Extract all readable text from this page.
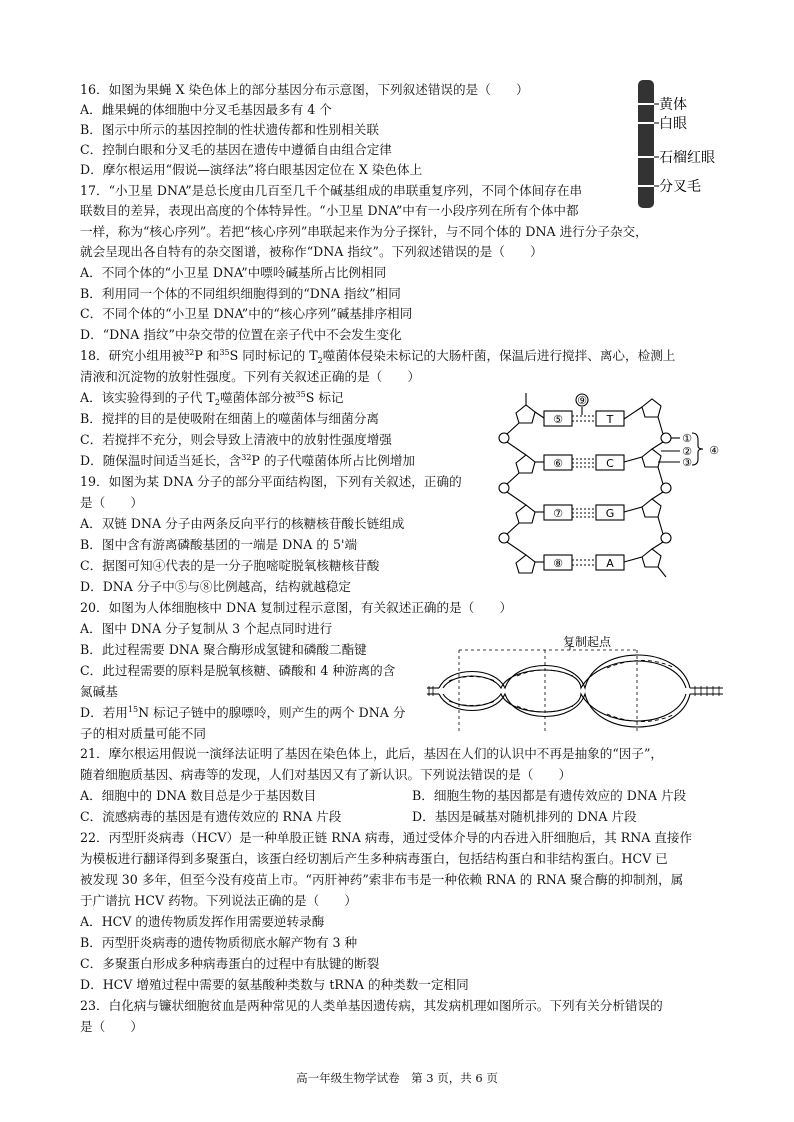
16．如图为果蝇 X 染色体上的部分基因分布示意图，下列叙述错误的是（　　）
A．雌果蝇的体细胞中分叉毛基因最多有 4 个
B．图示中所示的基因控制的性状遗传都和性别相关联
C．控制白眼和分叉毛的基因在遗传中遵循自由组合定律
D．摩尔根运用“假说—演绎法”将白眼基因定位在 X 染色体上
黄体
白眼
石榴红眼
分叉毛
17．“小卫星 DNA”是总长度由几百至几千个碱基组成的串联重复序列，不同个体间存在串
联数目的差异，表现出高度的个体特异性。“小卫星 DNA”中有一小段序列在所有个体中都
一样，称为“核心序列”。若把“核心序列”串联起来作为分子探针，与不同个体的 DNA 进行分子杂交，
就会呈现出各自特有的杂交图谱，被称作“DNA 指纹”。下列叙述错误的是（　　）
A．不同个体的“小卫星 DNA”中嘌呤碱基所占比例相同
B．利用同一个体的不同组织细胞得到的“DNA 指纹”相同
C．不同个体的“小卫星 DNA”中的“核心序列”碱基排序相同
D．“DNA 指纹”中杂交带的位置在亲子代中不会发生变化
18．研究小组用被$^{32}$P 和$^{35}$S 同时标记的 $T_2$噬菌体侵染未标记的大肠杆菌，保温后进行搅拌、离心，检测上
清液和沉淀物的放射性强度。下列有关叙述正确的是（　　）
A．该实验得到的子代 $T_2$噬菌体部分被$^{35}$S 标记
B．搅拌的目的是使吸附在细菌上的噬菌体与细菌分离
C．若搅拌不充分，则会导致上清液中的放射性强度增强
D．随保温时间适当延长，含$^{32}$P 的子代噬菌体所占比例增加
19．如图为某 DNA 分子的部分平面结构图，下列有关叙述，正确的
是（　　）
A．双链 DNA 分子由两条反向平行的核糖核苷酸长链组成
B．图中含有游离磷酸基团的一端是 DNA 的 5'端
C．据图可知④代表的是一分子胞嘧啶脱氧核糖核苷酸
D．DNA 分子中⑤与⑧比例越高，结构就越稳定
⑤	T
⑥	C
⑦	G
⑧	A
⑨
①
②
③
④
20．如图为人体细胞核中 DNA 复制过程示意图，有关叙述正确的是（　　）
A．图中 DNA 分子复制从 3 个起点同时进行
B．此过程需要 DNA 聚合酶形成氢键和磷酸二酯键
C．此过程需要的原料是脱氧核糖、磷酸和 4 种游离的含
氮碱基
D．若用$^{15}$N 标记子链中的腺嘌呤，则产生的两个 DNA 分
子的相对质量可能不同
复制起点
21．摩尔根运用假说一演绎法证明了基因在染色体上，此后，基因在人们的认识中不再是抽象的“因子”，
随着细胞质基因、病毒等的发现，人们对基因又有了新认识。下列说法错误的是（　　）
A．细胞中的 DNA 数目总是少于基因数目	B．细胞生物的基因都是有遗传效应的 DNA 片段
C．流感病毒的基因是有遗传效应的 RNA 片段	D．基因是碱基对随机排列的 DNA 片段
22．丙型肝炎病毒（HCV）是一种单股正链 RNA 病毒，通过受体介导的内吞进入肝细胞后，其 RNA 直接作
为模板进行翻译得到多聚蛋白，该蛋白经切割后产生多种病毒蛋白，包括结构蛋白和非结构蛋白。HCV 已
被发现 30 多年，但至今没有疫苗上市。“丙肝神药”索非布韦是一种依赖 RNA 的 RNA 聚合酶的抑制剂，属
于广谱抗 HCV 药物。下列说法正确的是（　　）
A．HCV 的遗传物质发挥作用需要逆转录酶
B．丙型肝炎病毒的遗传物质彻底水解产物有 3 种
C．多聚蛋白形成多种病毒蛋白的过程中有肽键的断裂
D．HCV 增殖过程中需要的氨基酸种类数与 tRNA 的种类数一定相同
23．白化病与镰状细胞贫血是两种常见的人类单基因遗传病，其发病机理如图所示。下列有关分析错误的
是（　　）
高一年级生物学试卷　第 3 页，共 6 页
